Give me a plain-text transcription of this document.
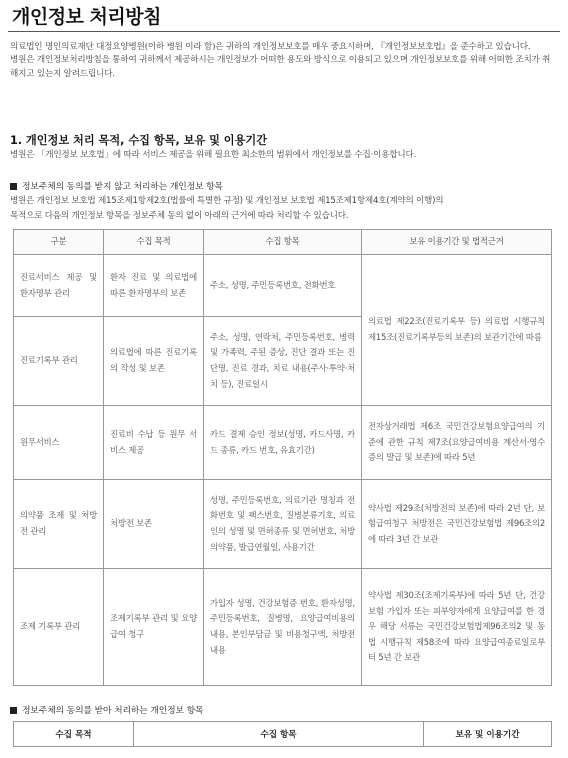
개인정보 처리방침

의료법인 명인의료재단 대정요양병원(이하 병원 이라 함)은 귀하의 개인정보보호를 매우 중요시하며, 『개인정보보호법』을 준수하고 있습니다.

병원은 개인정보처리방침을 통하여 귀하께서 제공하시는 개인정보가 어떠한 용도와 방식으로 이용되고 있으며 개인정보보호를 위해 어떠한 조치가 취해지고 있는지 알려드립니다.

1. 개인정보 처리 목적, 수집 항목, 보유 및 이용기간
병원은 「개인정보 보호법」에 따라 서비스 제공을 위해 필요한 최소한의 범위에서 개인정보를 수집·이용합니다.
정보주체의 동의를 받지 않고 처리하는 개인정보 항목

병원은 개인정보 보호법 제15조제1항제2호(법률에 특별한 규정) 및 개인정보 보호법 제15조제1항제4호(계약의 이행)의

목적으로 다음의 개인정보 항목을 정보주체 동의 없이 아래의 근거에 따라 처리할 수 있습니다.

구분	수집 목적	수집 항목	보유 이용기간 및 법적근거
진료서비스 제공 및 환자명부 관리	환자 진료 및 의료법에 따른 환자명부의 보존	주소, 성명, 주민등록번호, 전화번호	의료법 제22조(진료기록부 등) 의료법 시행규칙 제15조(진료기록부등의 보존)의 보관기간에 따름
진료기록부 관리	의료법에 따른 진료기록의 작성 및 보존	주소, 성명, 연락처, 주민등록번호, 병력 및 가족력, 주된 증상, 진단 결과 또는 진단명, 진료 경과, 치료 내용(주사·투약·처치 등), 진료일시	
원무서비스	진료비 수납 등 원무 서비스 제공	카드 결제 승인 정보(성명, 카드사명, 카드 종류, 카드 번호, 유효기간)	전자상거래법 제6조 국민건강보험요양급여의 기준에 관한 규칙 제7조(요양급여비용 계산서·영수증의 발급 및 보존)에 따라 5년
의약품 조제 및 처방전 관리	처방전 보존	성명, 주민등록번호, 의료기관 명칭과 전화번호 및 팩스번호, 질병분류기호, 의료인의 성명 및 면허종류 및 면허번호, 처방 의약품, 발급연월일, 사용기간	약사법 제29조(처방전의 보존)에 따라 2년 단, 보험급여청구 처방전은 국민건강보험법 제96조의2에 따라 3년 간 보관
조제 기록부 관리	조제기록부 관리 및 요양급여 청구	가입자 성명, 건강보험증 번호, 환자성명, 주민등록번호, 질병명, 요양급여비용의 내용, 본인부담금 및 비용청구액, 처방전 내용	약사법 제30조(조제기록부)에 따라 5년 단, 건강보험 가입자 또는 피부양자에게 요양급여를 한 경우 해당 서류는 국민건강보험법제96조의2 및 동법 시행규칙 제58조에 따라 요양급여종료일로부터 5년 간 보관
정보주체의 동의를 받아 처리하는 개인정보 항목
수집 목적	수집 항목	보유 및 이용기간
